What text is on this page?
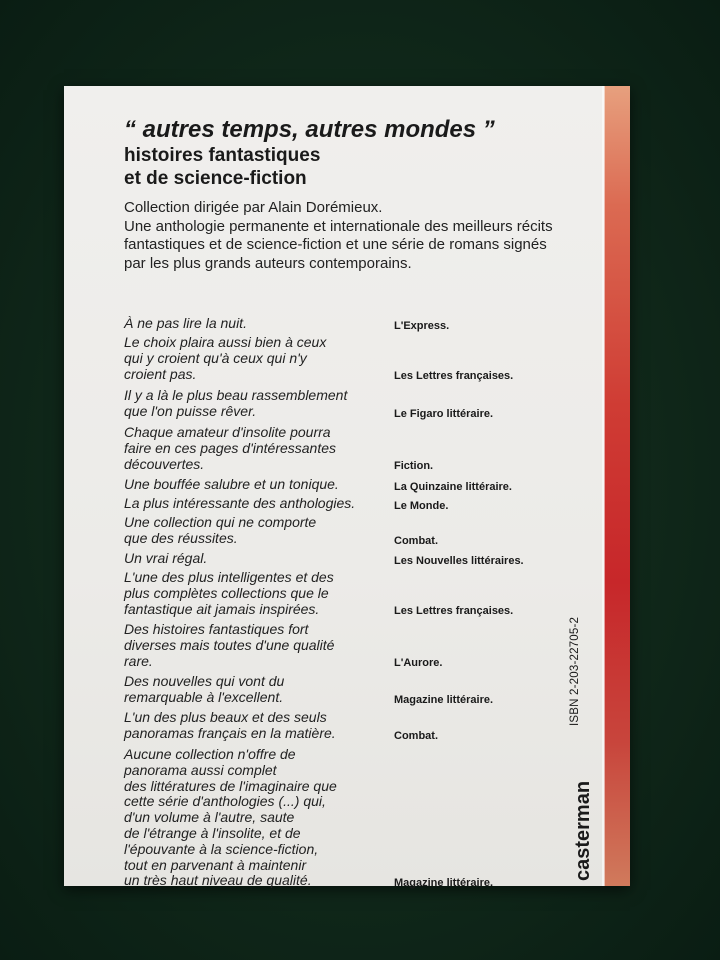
“ autres temps, autres mondes ”

histoires fantastiques

et de science-fiction

Collection dirigée par Alain Dorémieux.

Une anthologie permanente et internationale des meilleurs récits fantastiques et de science-fiction et une série de romans signés par les plus grands auteurs contemporains.

À ne pas lire la nuit.	L'Express.
Le choix plaira aussi bien à ceux
qui y croient qu'à ceux qui n'y
croient pas.	Les Lettres françaises.
Il y a là le plus beau rassemblement
que l'on puisse rêver.	Le Figaro littéraire.
Chaque amateur d'insolite pourra
faire en ces pages d'intéressantes
découvertes.	Fiction.
Une bouffée salubre et un tonique.	La Quinzaine littéraire.
La plus intéressante des anthologies.	Le Monde.
Une collection qui ne comporte
que des réussites.	Combat.
Un vrai régal.	Les Nouvelles littéraires.
L'une des plus intelligentes et des
plus complètes collections que le
fantastique ait jamais inspirées.	Les Lettres françaises.
Des histoires fantastiques fort
diverses mais toutes d'une qualité
rare.	L'Aurore.
Des nouvelles qui vont du
remarquable à l'excellent.	Magazine littéraire.
L'un des plus beaux et des seuls
panoramas français en la matière.	Combat.
Aucune collection n'offre de
panorama aussi complet
des littératures de l'imaginaire que
cette série d'anthologies (...) qui,
d'un volume à l'autre, saute
de l'étrange à l'insolite, et de
l'épouvante à la science-fiction,
tout en parvenant à maintenir
un très haut niveau de qualité.	Magazine littéraire.
ISBN 2-203-22705-2
casterman
